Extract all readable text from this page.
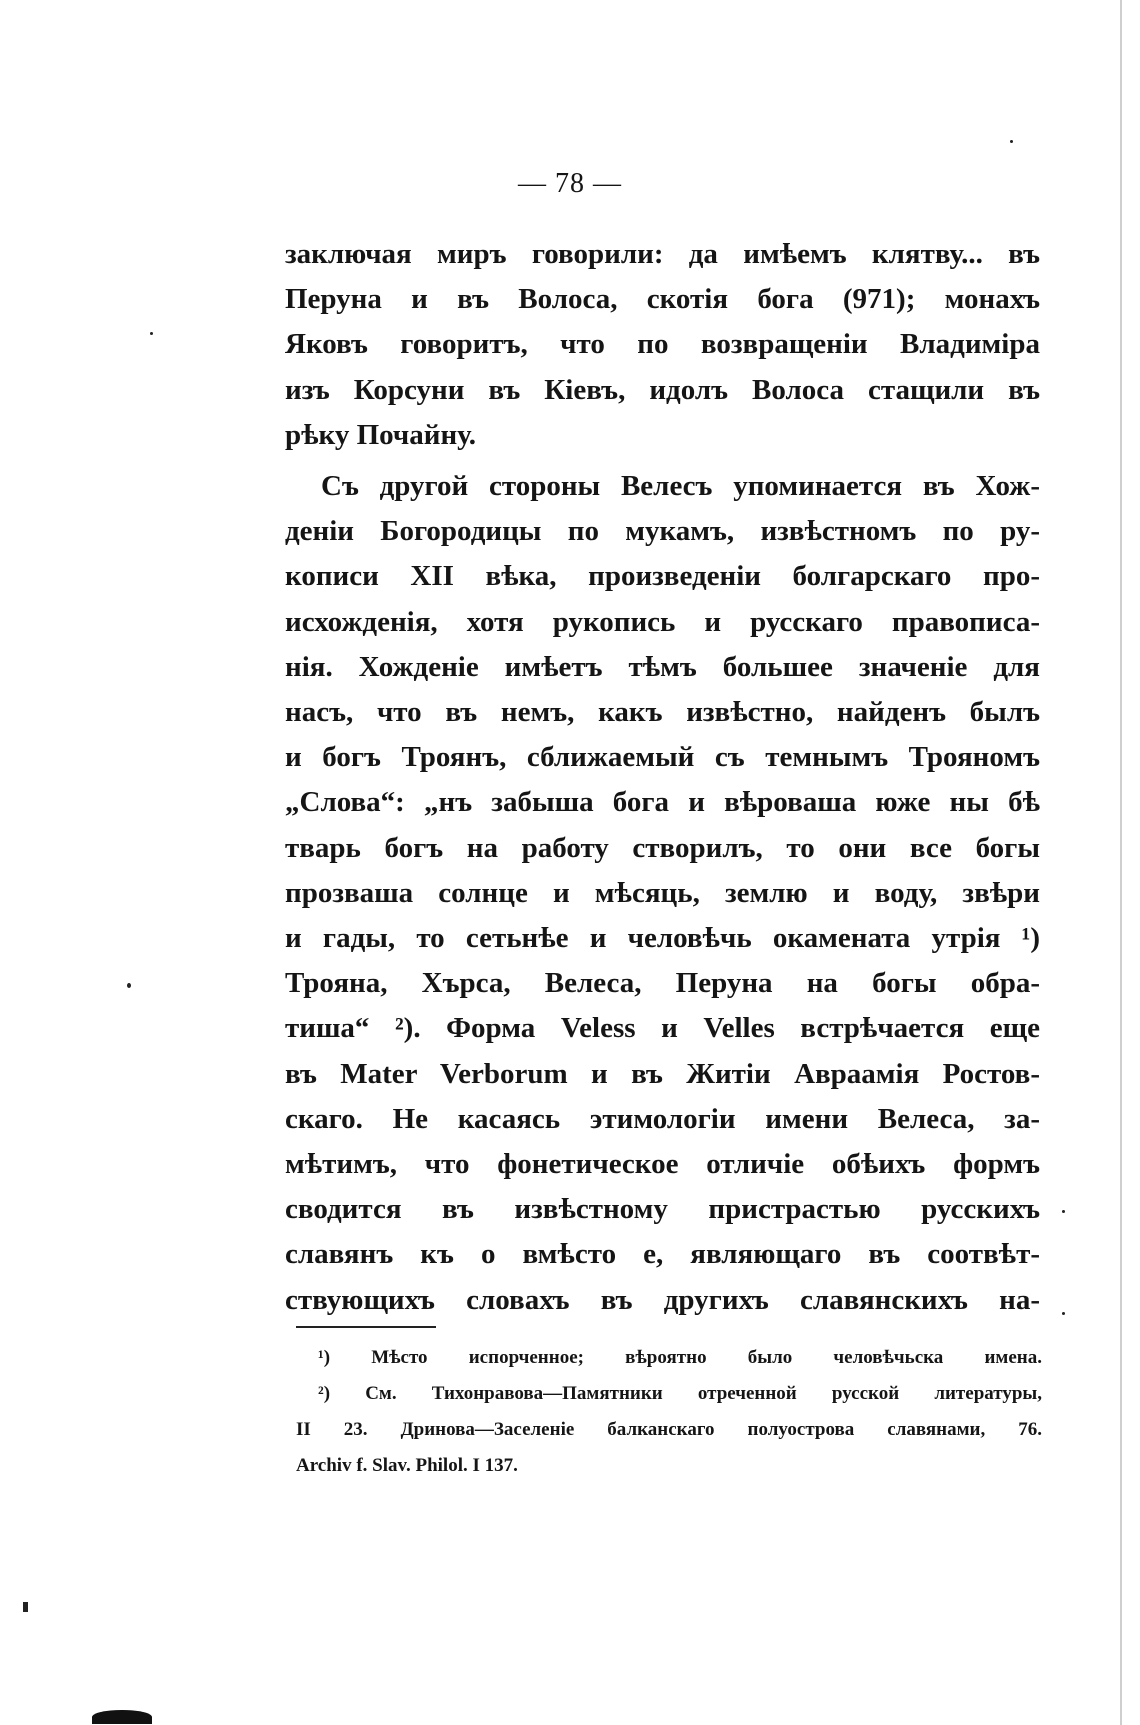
— 78 —
заключая миръ говорили: да имѣемъ клятву... въ
Перуна и въ Волоса, скотія бога (971); монахъ
Яковъ говоритъ, что по возвращеніи Владиміра
изъ Корсуни въ Кіевъ, идолъ Волоса стащили въ
рѣку Почайну.
Съ другой стороны Велесъ упоминается въ Хож-
деніи Богородицы по мукамъ, извѣстномъ по ру-
кописи XII вѣка, произведеніи болгарскаго про-
исхожденія, хотя рукопись и русскаго правописа-
нія. Хожденіе имѣетъ тѣмъ большее значеніе для
насъ, что въ немъ, какъ извѣстно, найденъ былъ
и богъ Троянъ, сближаемый съ темнымъ Трояномъ
„Слова“: „нъ забыша бога и вѣроваша юже ны бѣ
тварь богъ на работу створилъ, то они все богы
прозваша солнце и мѣсяць, землю и воду, звѣри
и гады, то сетьнѣе и человѣчь окамената утрія ¹)
Трояна, Хърса, Велеса, Перуна на богы обра-
тиша“ ²). Форма Veless и Velles встрѣчается еще
въ Mater Verborum и въ Житіи Авраамія Ростов-
скаго. Не касаясь этимологіи имени Велеса, за-
мѣтимъ, что фонетическое отличіе обѣихъ формъ
сводится въ извѣстному пристрастью русскихъ
славянъ къ о вмѣсто е, являющаго въ соотвѣт-
ствующихъ словахъ въ другихъ славянскихъ на-
¹) Мѣсто испорченное; вѣроятно было человѣчьска имена.
²) См. Тихонравова—Памятники отреченной русской литературы,
II 23. Дринова—Заселеніе балканскаго полуострова славянами, 76.
Archiv f. Slav. Philol. I 137.
